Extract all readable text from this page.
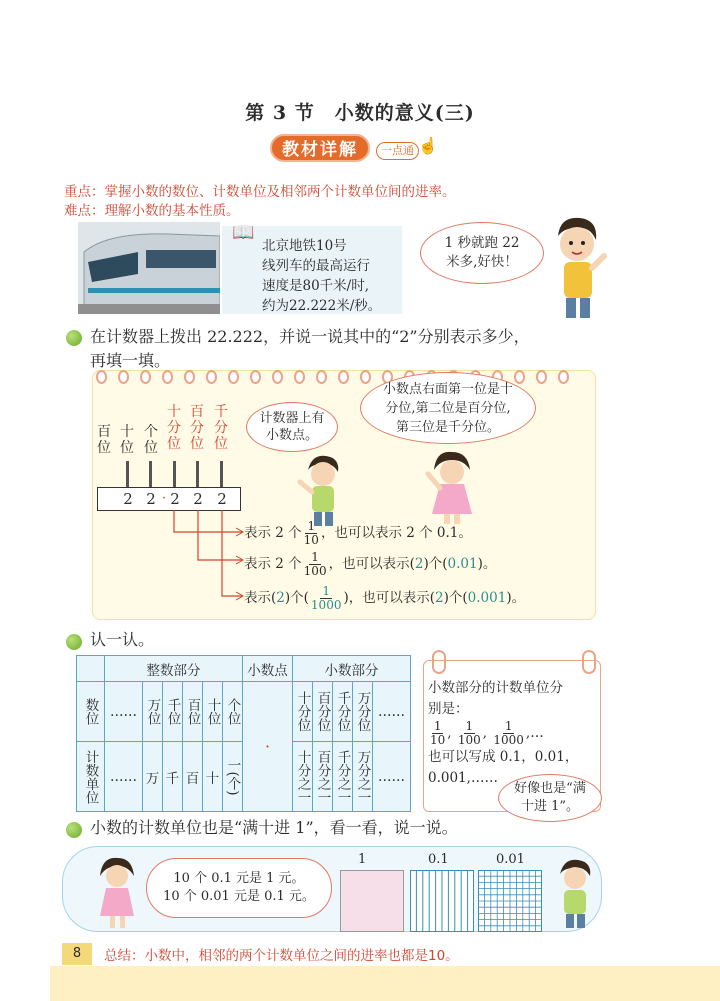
第 3 节　小数的意义(三)
教材详解	一点通 ☝
重点：掌握小数的数位、计数单位及相邻两个计数单位间的进率。
难点：理解小数的基本性质。
📖
北京地铁10号
线列车的最高运行
速度是80千米/时,
约为22.222米/秒。
1 秒就跑 22
米多,好快！
在计数器上拨出 22.222，并说一说其中的“2”分别表示多少，
再填一填。
百位
十位
个位
十分位
百分位
千分位
2 2 · 2 2 2
计数器上有
小数点。
小数点右面第一位是十
分位,第二位是百分位,
第三位是千分位。
表示 2 个 $\frac{1}{10}$ ，也可以表示 2 个 0.1。
表示 2 个 $\frac{1}{100}$ ，也可以表示(2)个(0.01)。
表示(2)个( $\frac{1}{1000}$ )，也可以表示(2)个(0.001)。
认一认。
	整数部分						小数点	小数部分				
数位	……	万位	千位	百位	十位	个位	·	十分位	百分位	千分位	万分位	……
计数单位	……	万	千	百	十	一(个)		十分之一	百分之一	千分之一	万分之一	……
小数部分的计数单位分
别是：
$\frac{1}{10}$ , $\frac{1}{100}$ , $\frac{1}{1000}$ ,…
也可以写成 0.1，0.01，
0.001,……
好像也是“满
十进 1”。
小数的计数单位也是“满十进 1”，看一看，说一说。
10 个 0.1 元是 1 元。
10 个 0.01 元是 0.1 元。
1	0.1	0.01
8	总结：小数中，相邻的两个计数单位之间的进率也都是10。
